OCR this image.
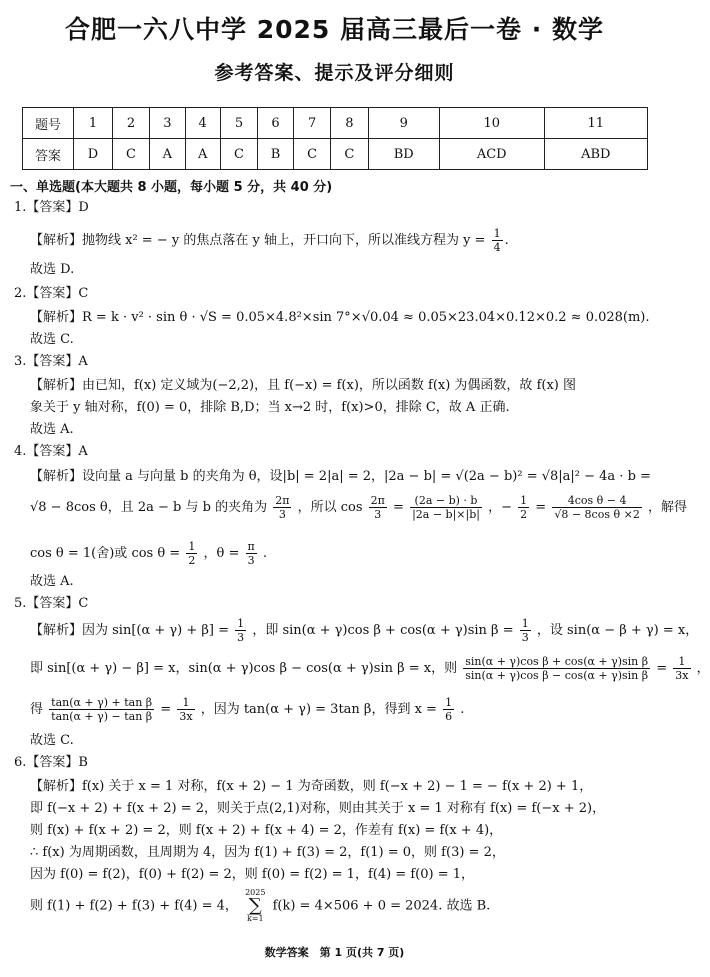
合肥一六八中学 2025 届高三最后一卷 · 数学
参考答案、提示及评分细则
题号	1	2	3	4	5	6	7	8	9	10	11
答案	D	C	A	A	C	B	C	C	BD	ACD	ABD
一、单选题(本大题共 8 小题，每小题 5 分，共 40 分)
1.【答案】D
【解析】抛物线 x² = − y 的焦点落在 y 轴上，开口向下，所以准线方程为 $y = \frac{1}{4}$ .
故选 D.
2.【答案】C
【解析】R = k · v² · sin θ · √S = 0.05×4.8²×sin 7°×√0.04 ≈ 0.05×23.04×0.12×0.2 ≈ 0.028(m).
故选 C.
3.【答案】A
【解析】由已知，f(x) 定义域为(−2,2)，且 f(−x) = f(x)，所以函数 f(x) 为偶函数，故 f(x) 图
象关于 y 轴对称，f(0) = 0，排除 B,D；当 x→2 时，f(x)>0，排除 C，故 A 正确.
故选 A.
4.【答案】A
【解析】设向量 a 与向量 b 的夹角为 θ，设|b| = 2|a| = 2，|2a − b| = √(2a − b)² = √8|a|² − 4a · b =
√8 − 8cos θ，且 2a − b 与 b 的夹角为 $\frac{2\pi}{3}$ ，所以 $\cos \frac{2\pi}{3} = \frac{(2a - b) \cdot b}{|2a - b|\times|b|}$ ，− $\frac{1}{2} = \frac{\text{4cos θ − 4}}{\text{√8 − 8cos θ ×2}}$ ，解得
cos θ = 1(舍)或 $\cos \theta = \frac{1}{2}$ ，$\theta = \frac{\pi}{3}$ .
故选 A.
5.【答案】C
【解析】因为 $\sin[(\alpha + \gamma) + \beta] = \frac{1}{3}$ ，即 sin(α + γ)cos β + cos(α + γ)sin $\beta = \frac{1}{3}$ ，设 sin(α − β + γ) = x，
即 sin[(α + γ) − β] = x，sin(α + γ)cos β − cos(α + γ)sin β = x，则 $\frac{\text{sin(α + γ)cos β + cos(α + γ)sin β}}{\text{sin(α + γ)cos β − cos(α + γ)sin β}} = \frac{1}{3x}$ ，
得 $\frac{\text{tan(α + γ) + tan β}}{\text{tan(α + γ) − tan β}} = \frac{1}{3x}$ ，因为 tan(α + γ) = 3tan β，得到 $x = \frac{1}{6}$ .
故选 C.
6.【答案】B
【解析】f(x) 关于 x = 1 对称，f(x + 2) − 1 为奇函数，则 f(−x + 2) − 1 = − f(x + 2) + 1，
即 f(−x + 2) + f(x + 2) = 2，则关于点(2,1)对称，则由其关于 x = 1 对称有 f(x) = f(−x + 2)，
则 f(x) + f(x + 2) = 2，则 f(x + 2) + f(x + 4) = 2，作差有 f(x) = f(x + 4)，
∴ f(x) 为周期函数，且周期为 4，因为 f(1) + f(3) = 2，f(1) = 0，则 f(3) = 2，
因为 f(0) = f(2)，f(0) + f(2) = 2，则 f(0) = f(2) = 1，f(4) = f(0) = 1，
则 f(1) + f(2) + f(3) + f(4) = 4， 2025
∑
k=1 f(k) = 4×506 + 0 = 2024. 故选 B.
数学答案　第 1 页(共 7 页)
